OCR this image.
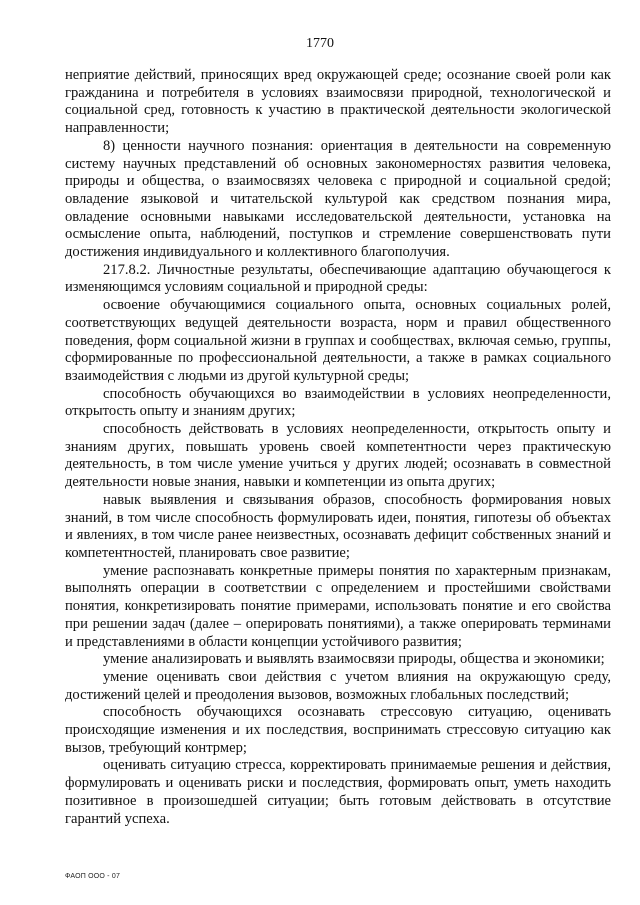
1770

неприятие действий, приносящих вред окружающей среде; осознание своей роли как гражданина и потребителя в условиях взаимосвязи природной, технологической и социальной сред, готовность к участию в практической деятельности экологической направленности;

8) ценности научного познания: ориентация в деятельности на современную систему научных представлений об основных закономерностях развития человека, природы и общества, о взаимосвязях человека с природной и социальной средой; овладение языковой и читательской культурой как средством познания мира, овладение основными навыками исследовательской деятельности, установка на осмысление опыта, наблюдений, поступков и стремление совершенствовать пути достижения индивидуального и коллективного благополучия.

217.8.2. Личностные результаты, обеспечивающие адаптацию обучающегося к изменяющимся условиям социальной и природной среды:

освоение обучающимися социального опыта, основных социальных ролей, соответствующих ведущей деятельности возраста, норм и правил общественного поведения, форм социальной жизни в группах и сообществах, включая семью, группы, сформированные по профессиональной деятельности, а также в рамках социального взаимодействия с людьми из другой культурной среды;

способность обучающихся во взаимодействии в условиях неопределенности, открытость опыту и знаниям других;

способность действовать в условиях неопределенности, открытость опыту и знаниям других, повышать уровень своей компетентности через практическую деятельность, в том числе умение учиться у других людей; осознавать в совместной деятельности новые знания, навыки и компетенции из опыта других;

навык выявления и связывания образов, способность формирования новых знаний, в том числе способность формулировать идеи, понятия, гипотезы об объектах и явлениях, в том числе ранее неизвестных, осознавать дефицит собственных знаний и компетентностей, планировать свое развитие;

умение распознавать конкретные примеры понятия по характерным признакам, выполнять операции в соответствии с определением и простейшими свойствами понятия, конкретизировать понятие примерами, использовать понятие и его свойства при решении задач (далее – оперировать понятиями), а также оперировать терминами и представлениями в области концепции устойчивого развития;

умение анализировать и выявлять взаимосвязи природы, общества и экономики;

умение оценивать свои действия с учетом влияния на окружающую среду, достижений целей и преодоления вызовов, возможных глобальных последствий;

способность обучающихся осознавать стрессовую ситуацию, оценивать происходящие изменения и их последствия, воспринимать стрессовую ситуацию как вызов, требующий контрмер;

оценивать ситуацию стресса, корректировать принимаемые решения и действия, формулировать и оценивать риски и последствия, формировать опыт, уметь находить позитивное в произошедшей ситуации; быть готовым действовать в отсутствие гарантий успеха.

ФАОП ООО - 07
